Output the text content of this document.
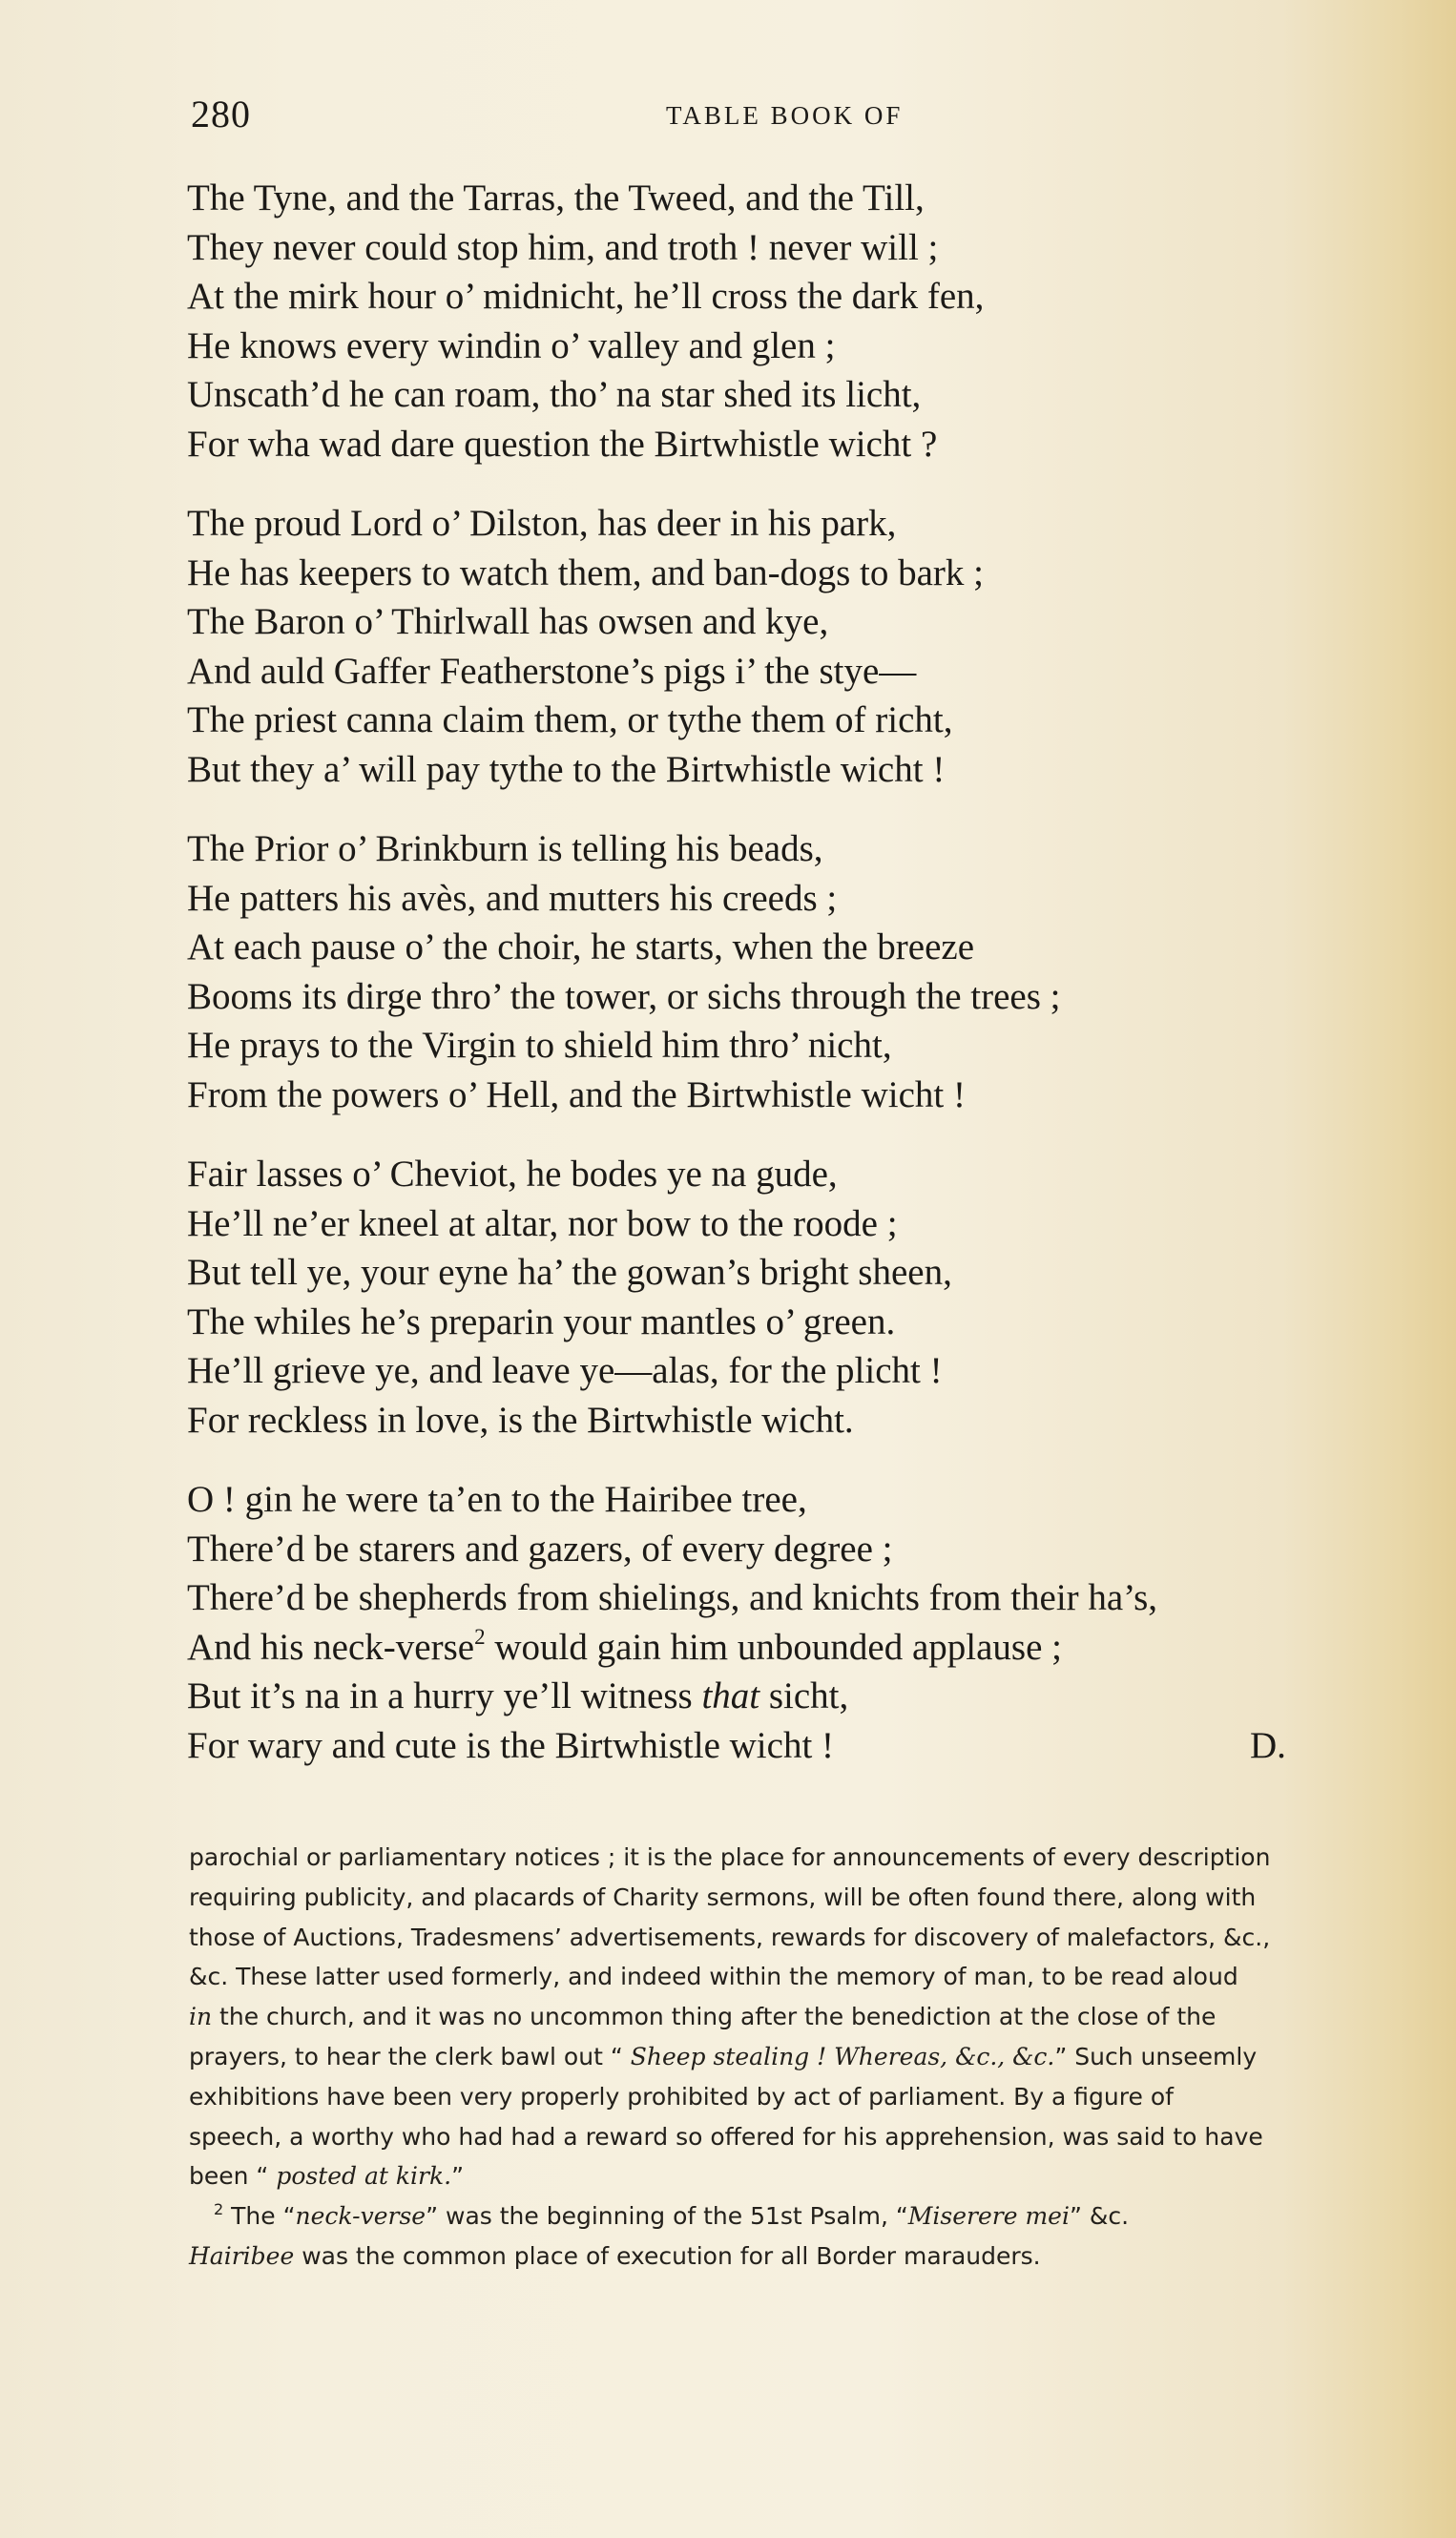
280	TABLE BOOK OF
The Tyne, and the Tarras, the Tweed, and the Till,
They never could stop him, and troth ! never will ;
At the mirk hour o’ midnicht, he’ll cross the dark fen,
He knows every windin o’ valley and glen ;
Unscath’d he can roam, tho’ na star shed its licht,
For wha wad dare question the Birtwhistle wicht ?
The proud Lord o’ Dilston, has deer in his park,
He has keepers to watch them, and ban-dogs to bark ;
The Baron o’ Thirlwall has owsen and kye,
And auld Gaffer Featherstone’s pigs i’ the stye—
The priest canna claim them, or tythe them of richt,
But they a’ will pay tythe to the Birtwhistle wicht !
The Prior o’ Brinkburn is telling his beads,
He patters his avès, and mutters his creeds ;
At each pause o’ the choir, he starts, when the breeze
Booms its dirge thro’ the tower, or sichs through the trees ;
He prays to the Virgin to shield him thro’ nicht,
From the powers o’ Hell, and the Birtwhistle wicht !
Fair lasses o’ Cheviot, he bodes ye na gude,
He’ll ne’er kneel at altar, nor bow to the roode ;
But tell ye, your eyne ha’ the gowan’s bright sheen,
The whiles he’s preparin your mantles o’ green.
He’ll grieve ye, and leave ye—alas, for the plicht !
For reckless in love, is the Birtwhistle wicht.
O ! gin he were ta’en to the Hairibee tree,
There’d be starers and gazers, of every degree ;
There’d be shepherds from shielings, and knichts from their ha’s,
And his neck-verse$^2$ would gain him unbounded applause ;
But it’s na in a hurry ye’ll witness that sicht,
For wary and cute is the Birtwhistle wicht !	D.
parochial or parliamentary notices ; it is the place for announcements of every description
requiring publicity, and placards of Charity sermons, will be often found there, along with
those of Auctions, Tradesmens’ advertisements, rewards for discovery of malefactors, &c.,
&c. These latter used formerly, and indeed within the memory of man, to be read aloud
in the church, and it was no uncommon thing after the benediction at the close of the
prayers, to hear the clerk bawl out “ Sheep stealing ! Whereas, &c., &c.” Such unseemly
exhibitions have been very properly prohibited by act of parliament. By a figure of
speech, a worthy who had had a reward so offered for his apprehension, was said to have
been “ posted at kirk.”
$^2$ The “neck-verse” was the beginning of the 51st Psalm, “Miserere mei” &c.
Hairibee was the common place of execution for all Border marauders.
